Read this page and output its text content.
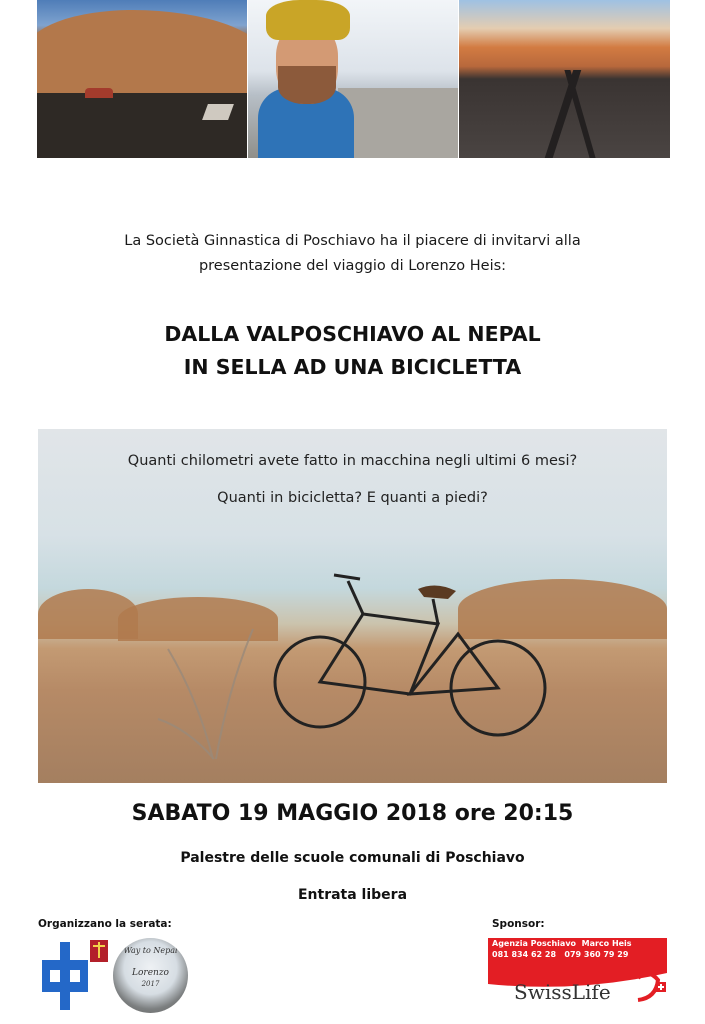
La Società Ginnastica di Poschiavo ha il piacere di invitarvi alla
presentazione del viaggio di Lorenzo Heis:
DALLA VALPOSCHIAVO AL NEPAL
IN SELLA AD UNA BICICLETTA
Quanti chilometri avete fatto in macchina negli ultimi 6 mesi?
Quanti in bicicletta? E quanti a piedi?
SABATO 19 MAGGIO 2018 ore 20:15
Palestre delle scuole comunali di Poschiavo
Entrata libera
Organizzano la serata:	Sponsor:
Way to Nepal
Lorenzo
2017
Agenzia Poschiavo Marco Heis
081 834 62 28 079 360 79 29
SwissLife
